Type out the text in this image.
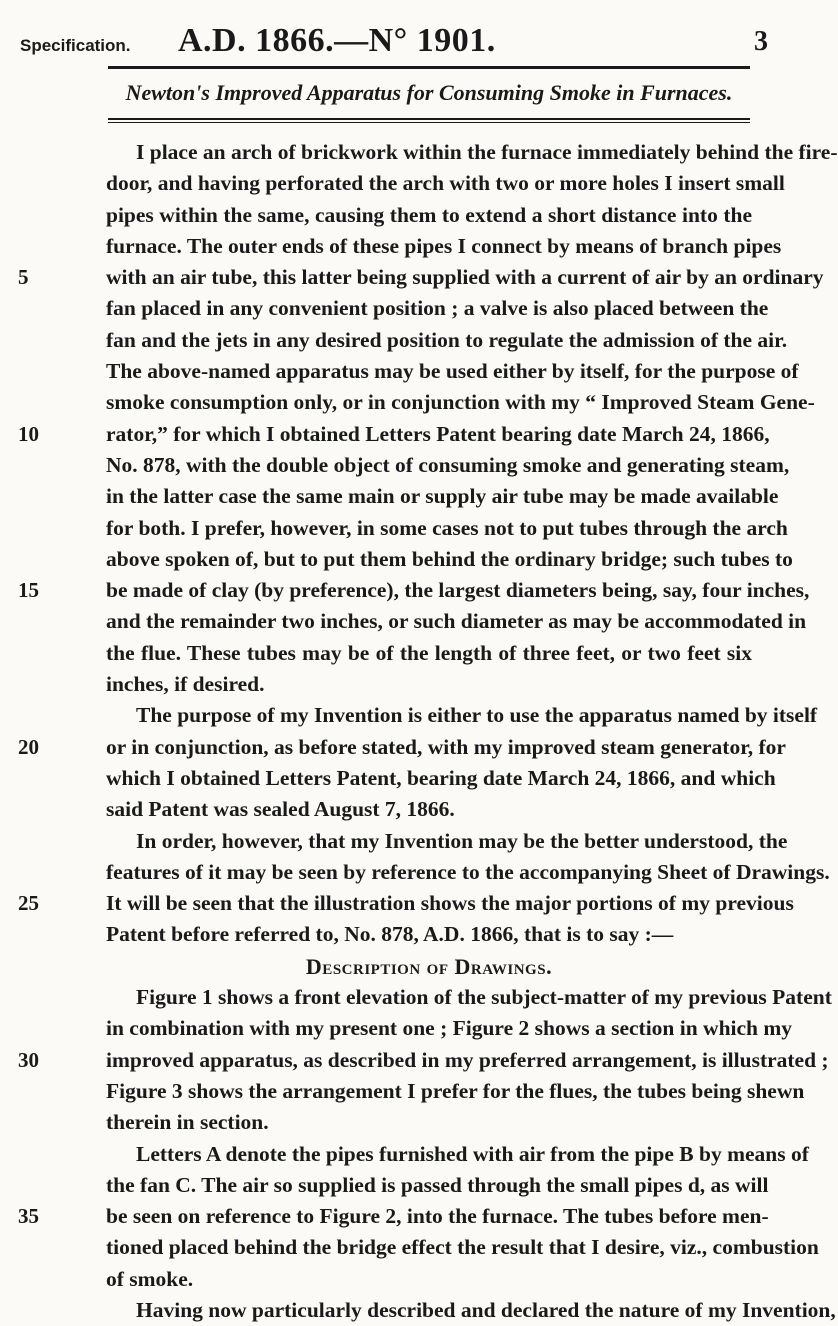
Specification. A.D. 1866.—N° 1901.	3
Newton's Improved Apparatus for Consuming Smoke in Furnaces.
I place an arch of brickwork within the furnace immediately behind the fire-
door, and having perforated the arch with two or more holes I insert small
pipes within the same, causing them to extend a short distance into the
furnace. The outer ends of these pipes I connect by means of branch pipes
5	with an air tube, this latter being supplied with a current of air by an ordinary
fan placed in any convenient position ; a valve is also placed between the
fan and the jets in any desired position to regulate the admission of the air.
The above-named apparatus may be used either by itself, for the purpose of
smoke consumption only, or in conjunction with my “ Improved Steam Gene-
10	rator,” for which I obtained Letters Patent bearing date March 24, 1866,
No. 878, with the double object of consuming smoke and generating steam,
in the latter case the same main or supply air tube may be made available
for both. I prefer, however, in some cases not to put tubes through the arch
above spoken of, but to put them behind the ordinary bridge; such tubes to
15	be made of clay (by preference), the largest diameters being, say, four inches,
and the remainder two inches, or such diameter as may be accommodated in
the flue. These tubes may be of the length of three feet, or two feet six
inches, if desired.
The purpose of my Invention is either to use the apparatus named by itself
20	or in conjunction, as before stated, with my improved steam generator, for
which I obtained Letters Patent, bearing date March 24, 1866, and which
said Patent was sealed August 7, 1866.
In order, however, that my Invention may be the better understood, the
features of it may be seen by reference to the accompanying Sheet of Drawings.
25	It will be seen that the illustration shows the major portions of my previous
Patent before referred to, No. 878, A.D. 1866, that is to say :—
Description of Drawings.
Figure 1 shows a front elevation of the subject-matter of my previous Patent
in combination with my present one ; Figure 2 shows a section in which my
30	improved apparatus, as described in my preferred arrangement, is illustrated ;
Figure 3 shows the arrangement I prefer for the flues, the tubes being shewn
therein in section.
Letters A denote the pipes furnished with air from the pipe B by means of
the fan C. The air so supplied is passed through the small pipes d, as will
35	be seen on reference to Figure 2, into the furnace. The tubes before men-
tioned placed behind the bridge effect the result that I desire, viz., combustion
of smoke.
Having now particularly described and declared the nature of my Invention,
